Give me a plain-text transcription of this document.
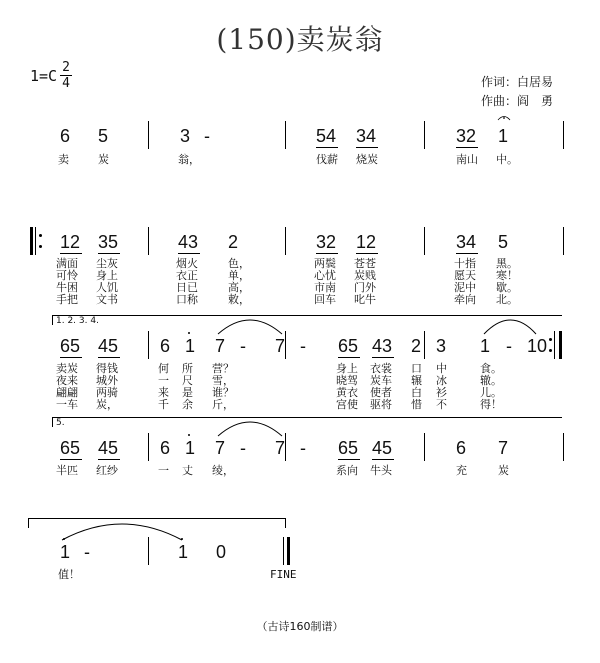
(150)卖炭翁
1=C 2
4	作词：白居易
作曲：阎　勇
6 5	3 -	54 34	32 1
卖	炭	翁，	伐薪 烧炭	南山 中。
12 35	43 2	32 12	34 5
满面 尘灰	烟火	色，	两鬓 苍苍	十指 黑。
可怜 身上	衣正	单，	心忧 炭贱	愿天 寒！
牛困 人饥	日已	高，	市南 门外	泥中 歇。
手把 文书	口称	敕，	回车 叱牛	牵向 北。
1. 2. 3. 4.
65 45 6 1 7 - 7 - 65 43 2 3 1 - 1 0
卖炭 得钱	何 所 营？	身上 衣裳 口 中	食。
夜来 城外	一 尺 雪，	晓驾 炭车 辗 冰	辙。
翩翩 两骑	来 是 谁？	黄衣 使者 白 衫	儿。
一车 炭，	千 余 斤，	宫使 驱将 惜 不	得！
5.
65 45 6 1 7 - 7 - 65 45	6 7
半匹 红纱	一 丈 绫，	系向 牛头	充	炭
1 -	1 0
值！	FINE
（古诗160制谱）
